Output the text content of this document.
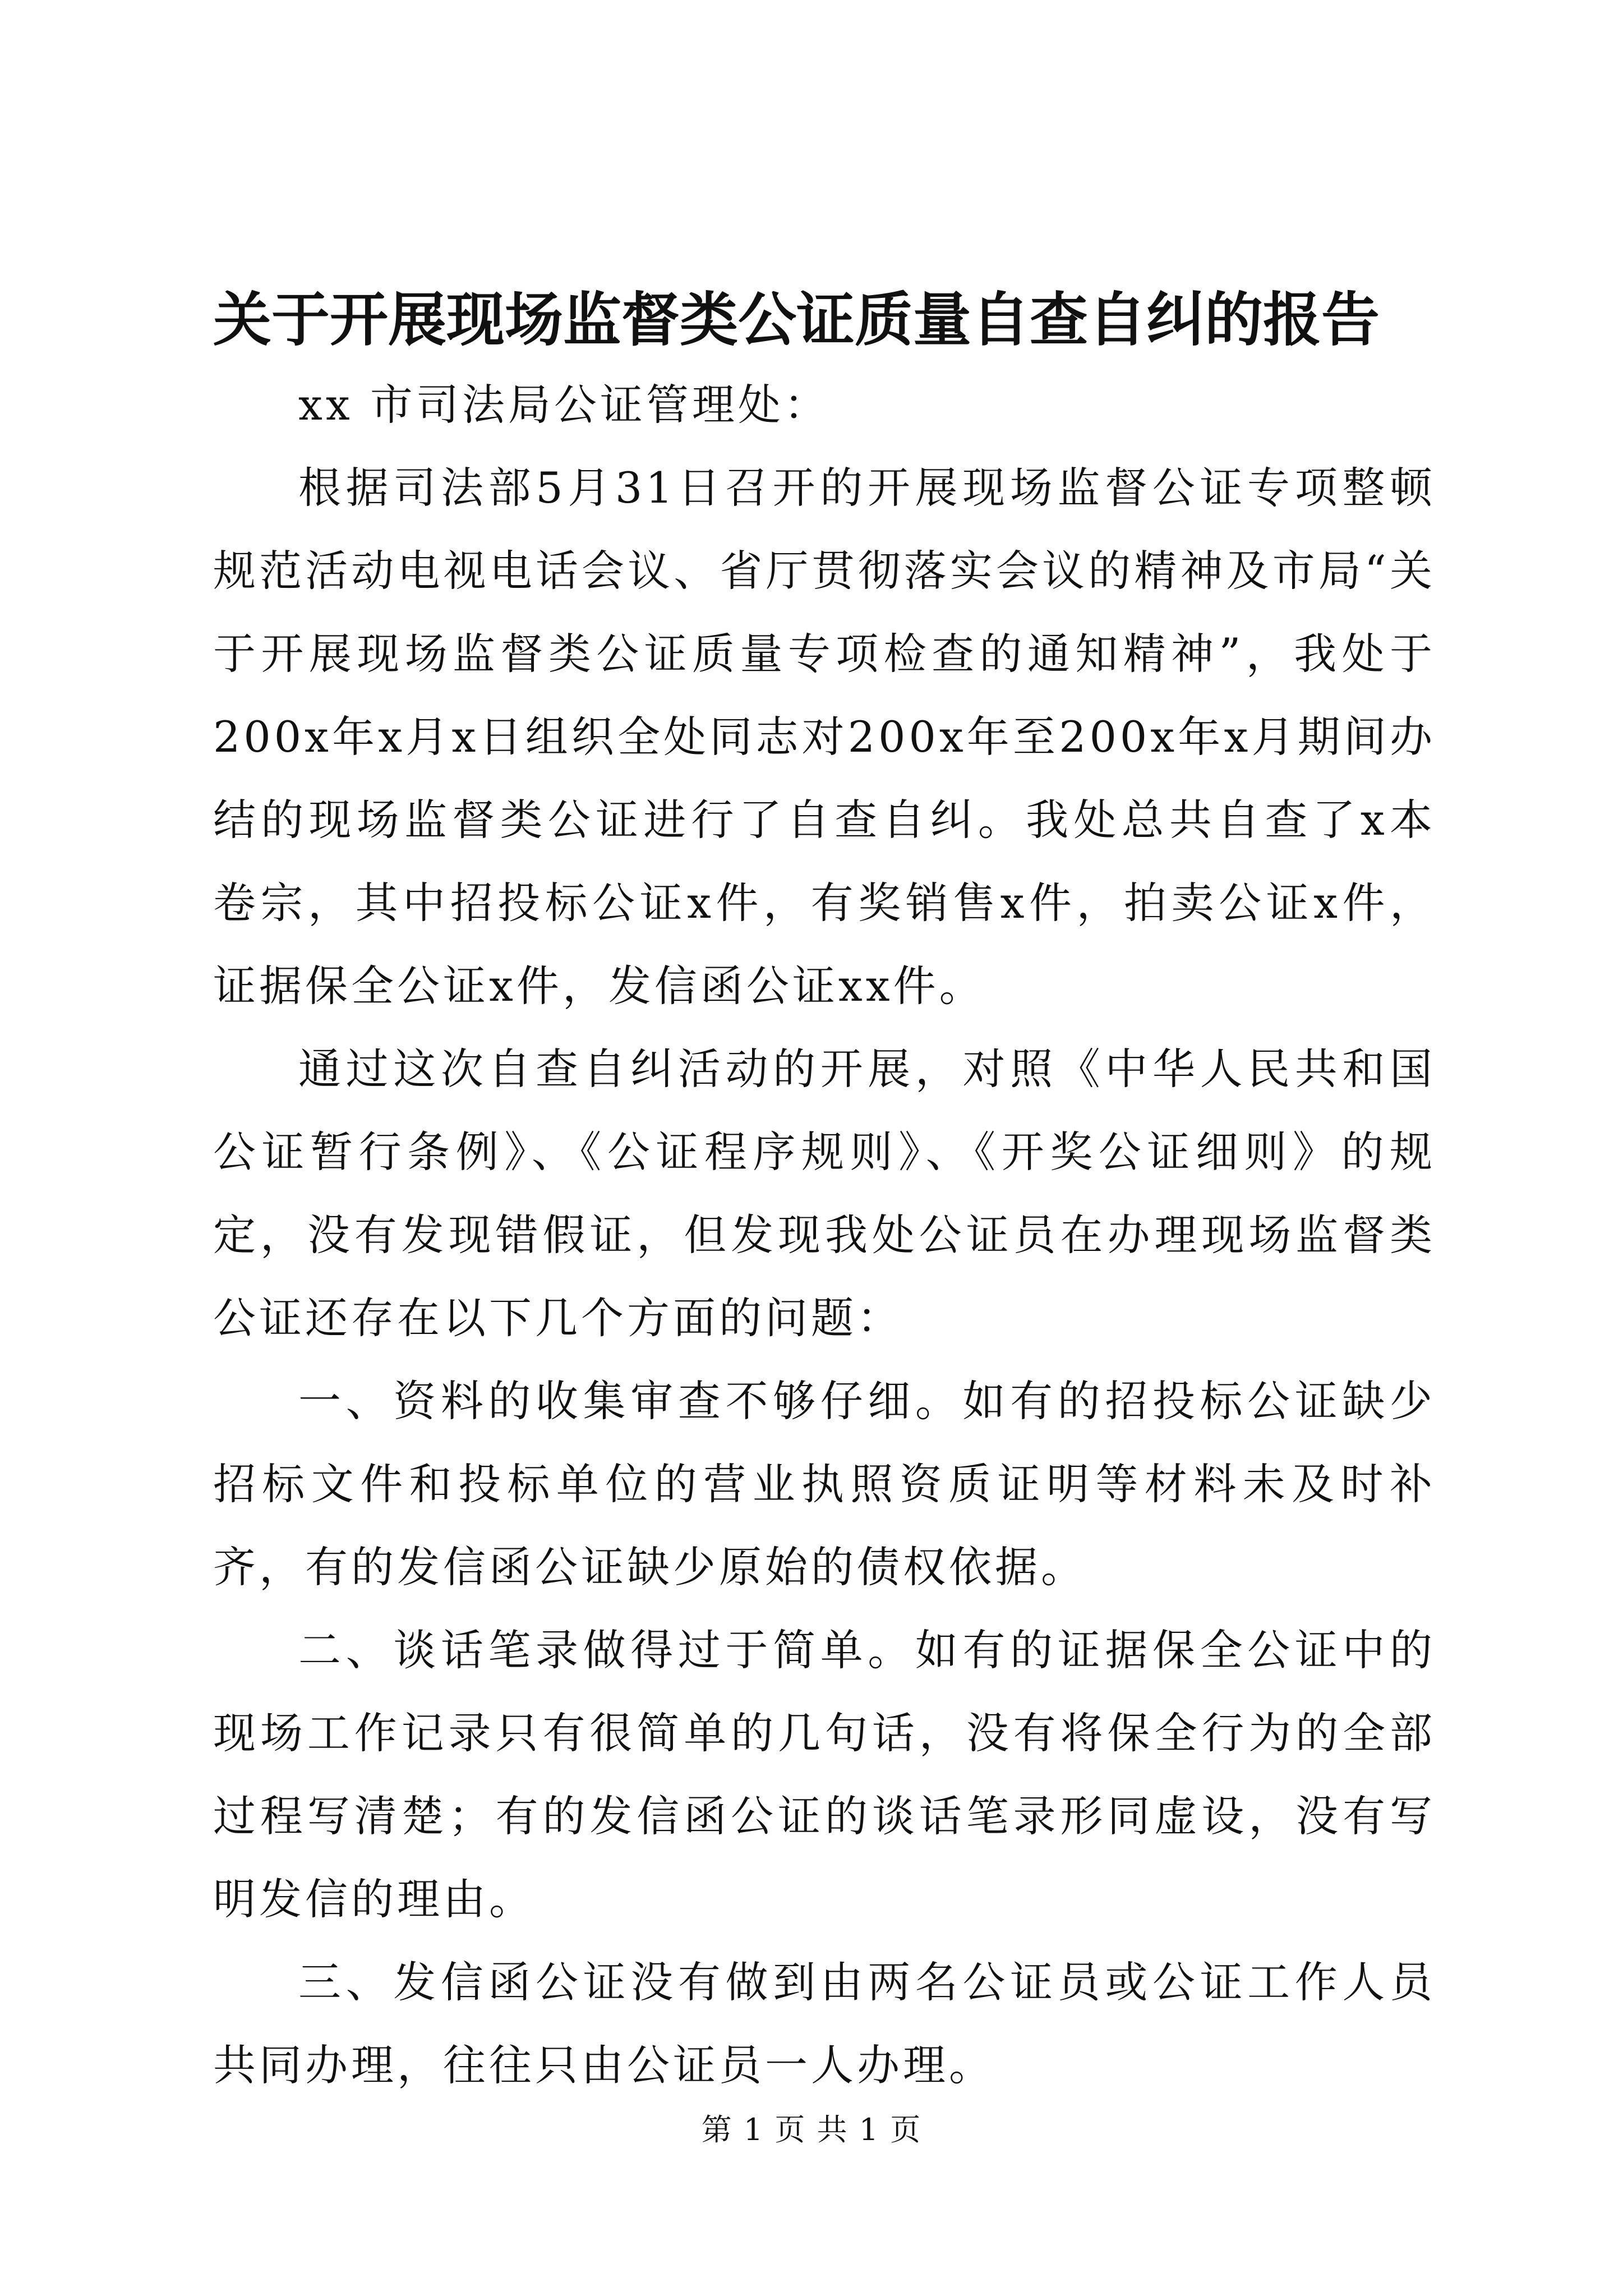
关于开展现场监督类公证质量自查自纠的报告

xx 市司法局公证管理处：

根据司法部5月31日召开的开展现场监督公证专项整顿规范活动电视电话会议、省厅贯彻落实会议的精神及市局“关于开展现场监督类公证质量专项检查的通知精神”，我处于200x年x月x日组织全处同志对200x年至200x年x月期间办结的现场监督类公证进行了自查自纠。我处总共自查了x本卷宗，其中招投标公证x件，有奖销售x件，拍卖公证x件，证据保全公证x件，发信函公证xx件。

通过这次自查自纠活动的开展，对照《中华人民共和国公证暂行条例》、《公证程序规则》、《开奖公证细则》的规定，没有发现错假证，但发现我处公证员在办理现场监督类公证还存在以下几个方面的问题：

一、资料的收集审查不够仔细。如有的招投标公证缺少招标文件和投标单位的营业执照资质证明等材料未及时补齐，有的发信函公证缺少原始的债权依据。

二、谈话笔录做得过于简单。如有的证据保全公证中的现场工作记录只有很简单的几句话，没有将保全行为的全部过程写清楚；有的发信函公证的谈话笔录形同虚设，没有写明发信的理由。

三、发信函公证没有做到由两名公证员或公证工作人员共同办理，往往只由公证员一人办理。

第 1 页 共 1 页
